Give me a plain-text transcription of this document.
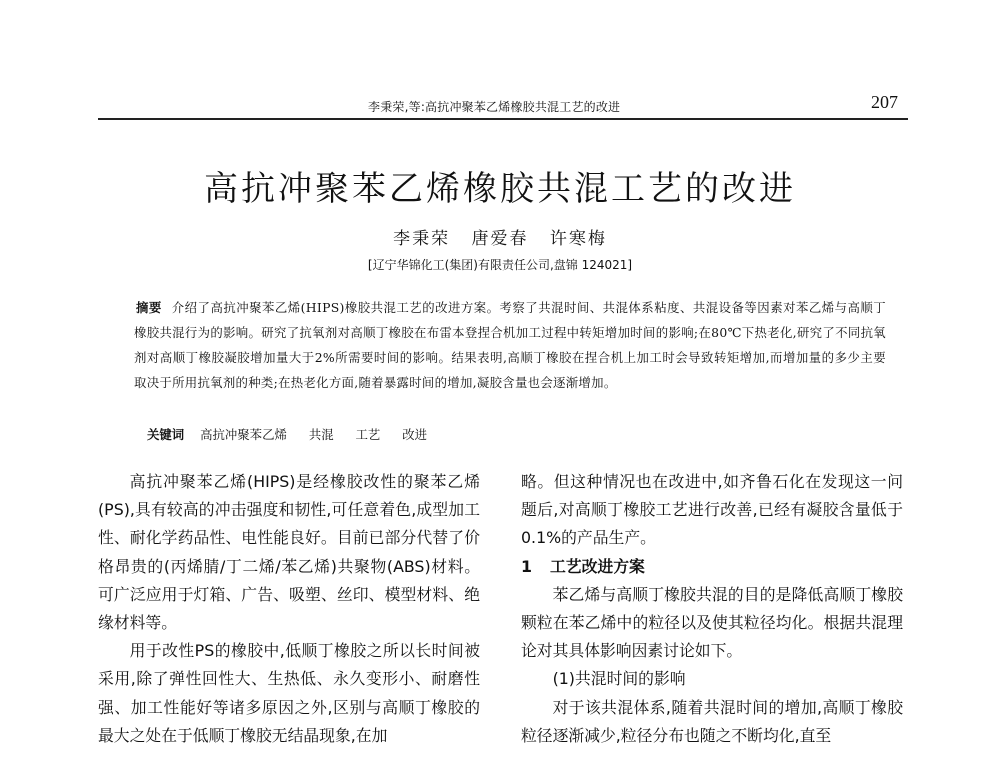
李秉荣,等:高抗冲聚苯乙烯橡胶共混工艺的改进	207
高抗冲聚苯乙烯橡胶共混工艺的改进
李秉荣 唐爱春 许寒梅
[辽宁华锦化工(集团)有限责任公司,盘锦 124021]
摘要 介绍了高抗冲聚苯乙烯(HIPS)橡胶共混工艺的改进方案。考察了共混时间、共混体系粘度、共混设备等因素对苯乙烯与高顺丁橡胶共混行为的影响。研究了抗氧剂对高顺丁橡胶在布雷本登捏合机加工过程中转矩增加时间的影响;在80℃下热老化,研究了不同抗氧剂对高顺丁橡胶凝胶增加量大于2%所需要时间的影响。结果表明,高顺丁橡胶在捏合机上加工时会导致转矩增加,而增加量的多少主要取决于所用抗氧剂的种类;在热老化方面,随着暴露时间的增加,凝胶含量也会逐渐增加。
关键词 高抗冲聚苯乙烯 共混 工艺 改进

高抗冲聚苯乙烯(HIPS)是经橡胶改性的聚苯乙烯(PS),具有较高的冲击强度和韧性,可任意着色,成型加工性、耐化学药品性、电性能良好。目前已部分代替了价格昂贵的(丙烯腈/丁二烯/苯乙烯)共聚物(ABS)材料。可广泛应用于灯箱、广告、吸塑、丝印、模型材料、绝缘材料等。

用于改性PS的橡胶中,低顺丁橡胶之所以长时间被采用,除了弹性回性大、生热低、永久变形小、耐磨性强、加工性能好等诸多原因之外,区别与高顺丁橡胶的最大之处在于低顺丁橡胶无结晶现象,在加

略。但这种情况也在改进中,如齐鲁石化在发现这一问题后,对高顺丁橡胶工艺进行改善,已经有凝胶含量低于0.1%的产品生产。

1 工艺改进方案

苯乙烯与高顺丁橡胶共混的目的是降低高顺丁橡胶颗粒在苯乙烯中的粒径以及使其粒径均化。根据共混理论对其具体影响因素讨论如下。

(1)共混时间的影响

对于该共混体系,随着共混时间的增加,高顺丁橡胶粒径逐渐减少,粒径分布也随之不断均化,直至
